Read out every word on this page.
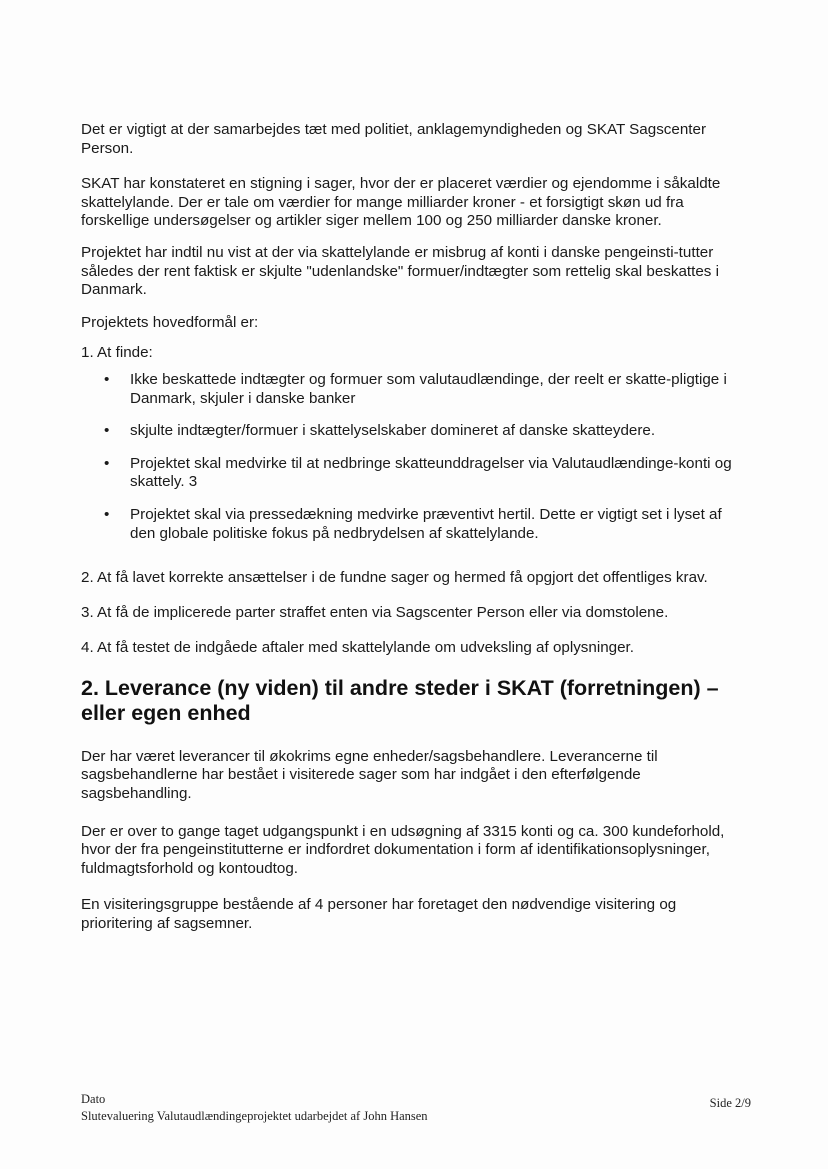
Det er vigtigt at der samarbejdes tæt med politiet, anklagemyndigheden og SKAT Sagscenter Person.

SKAT har konstateret en stigning i sager, hvor der er placeret værdier og ejendomme i såkaldte skattelylande. Der er tale om værdier for mange milliarder kroner - et forsigtigt skøn ud fra forskellige undersøgelser og artikler siger mellem 100 og 250 milliarder danske kroner.

Projektet har indtil nu vist at der via skattelylande er misbrug af konti i danske pengeinsti-tutter således der rent faktisk er skjulte "udenlandske" formuer/indtægter som rettelig skal beskattes i Danmark.

Projektets hovedformål er:

1. At finde:

• Ikke beskattede indtægter og formuer som valutaudlændinge, der reelt er skatte-pligtige i Danmark, skjuler i danske banker
• skjulte indtægter/formuer i skattelyselskaber domineret af danske skatteydere.
• Projektet skal medvirke til at nedbringe skatteunddragelser via Valutaudlændinge-konti og skattely. 3
• Projektet skal via pressedækning medvirke præventivt hertil. Dette er vigtigt set i lyset af den globale politiske fokus på nedbrydelsen af skattelylande.

2. At få lavet korrekte ansættelser i de fundne sager og hermed få opgjort det offentliges krav.

3. At få de implicerede parter straffet enten via Sagscenter Person eller via domstolene.

4. At få testet de indgåede aftaler med skattelylande om udveksling af oplysninger.

2. Leverance (ny viden) til andre steder i SKAT (forretningen) – eller egen enhed

Der har været leverancer til økokrims egne enheder/sagsbehandlere. Leverancerne til sagsbehandlerne har bestået i visiterede sager som har indgået i den efterfølgende sagsbehandling.

Der er over to gange taget udgangspunkt i en udsøgning af 3315 konti og ca. 300 kundeforhold, hvor der fra pengeinstitutterne er indfordret dokumentation i form af identifikationsoplysninger, fuldmagtsforhold og kontoudtog.

En visiteringsgruppe bestående af 4 personer har foretaget den nødvendige visitering og prioritering af sagsemner.

Dato
Slutevaluering Valutaudlændingeprojektet udarbejdet af John Hansen
Side 2/9
